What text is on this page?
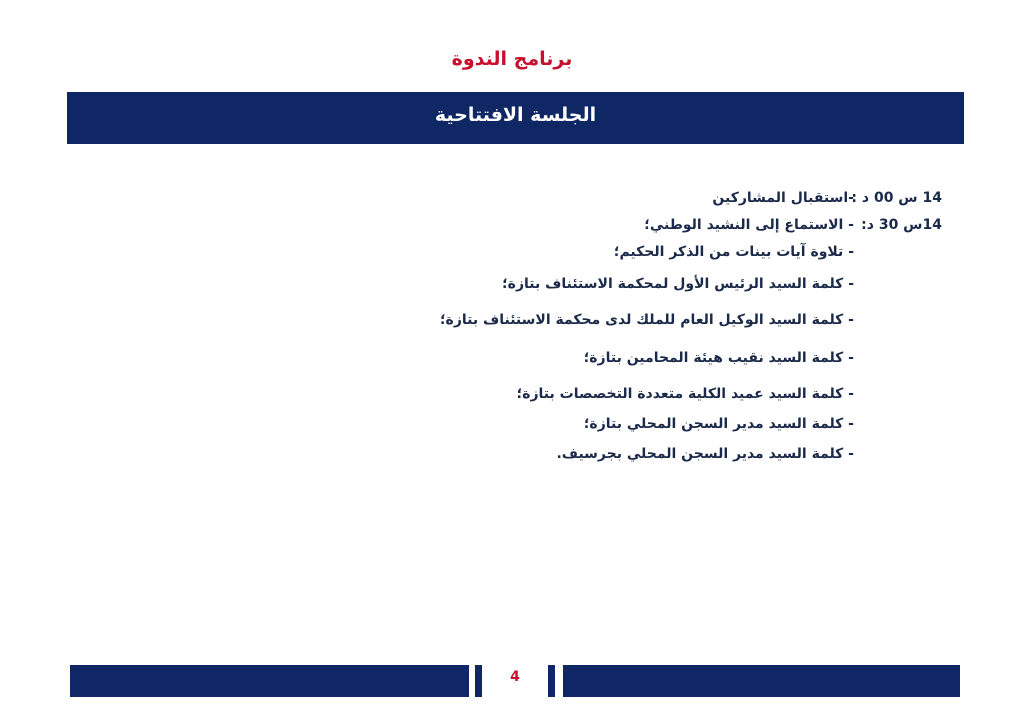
برنامج الندوة
الجلسة الافتتاحية
14 س 00 د :
-استقبال المشاركين
14س 30 د:
- الاستماع إلى النشيد الوطني؛
- تلاوة آيات بينات من الذكر الحكيم؛
- كلمة السيد الرئيس الأول لمحكمة الاستئناف بتازة؛
- كلمة السيد الوكيل العام للملك لدى محكمة الاستئناف بتازة؛
- كلمة السيد نقيب هيئة المحامين بتازة؛
- كلمة السيد عميد الكلية متعددة التخصصات بتازة؛
- كلمة السيد مدير السجن المحلي بتازة؛
- كلمة السيد مدير السجن المحلي بجرسيف.
4
